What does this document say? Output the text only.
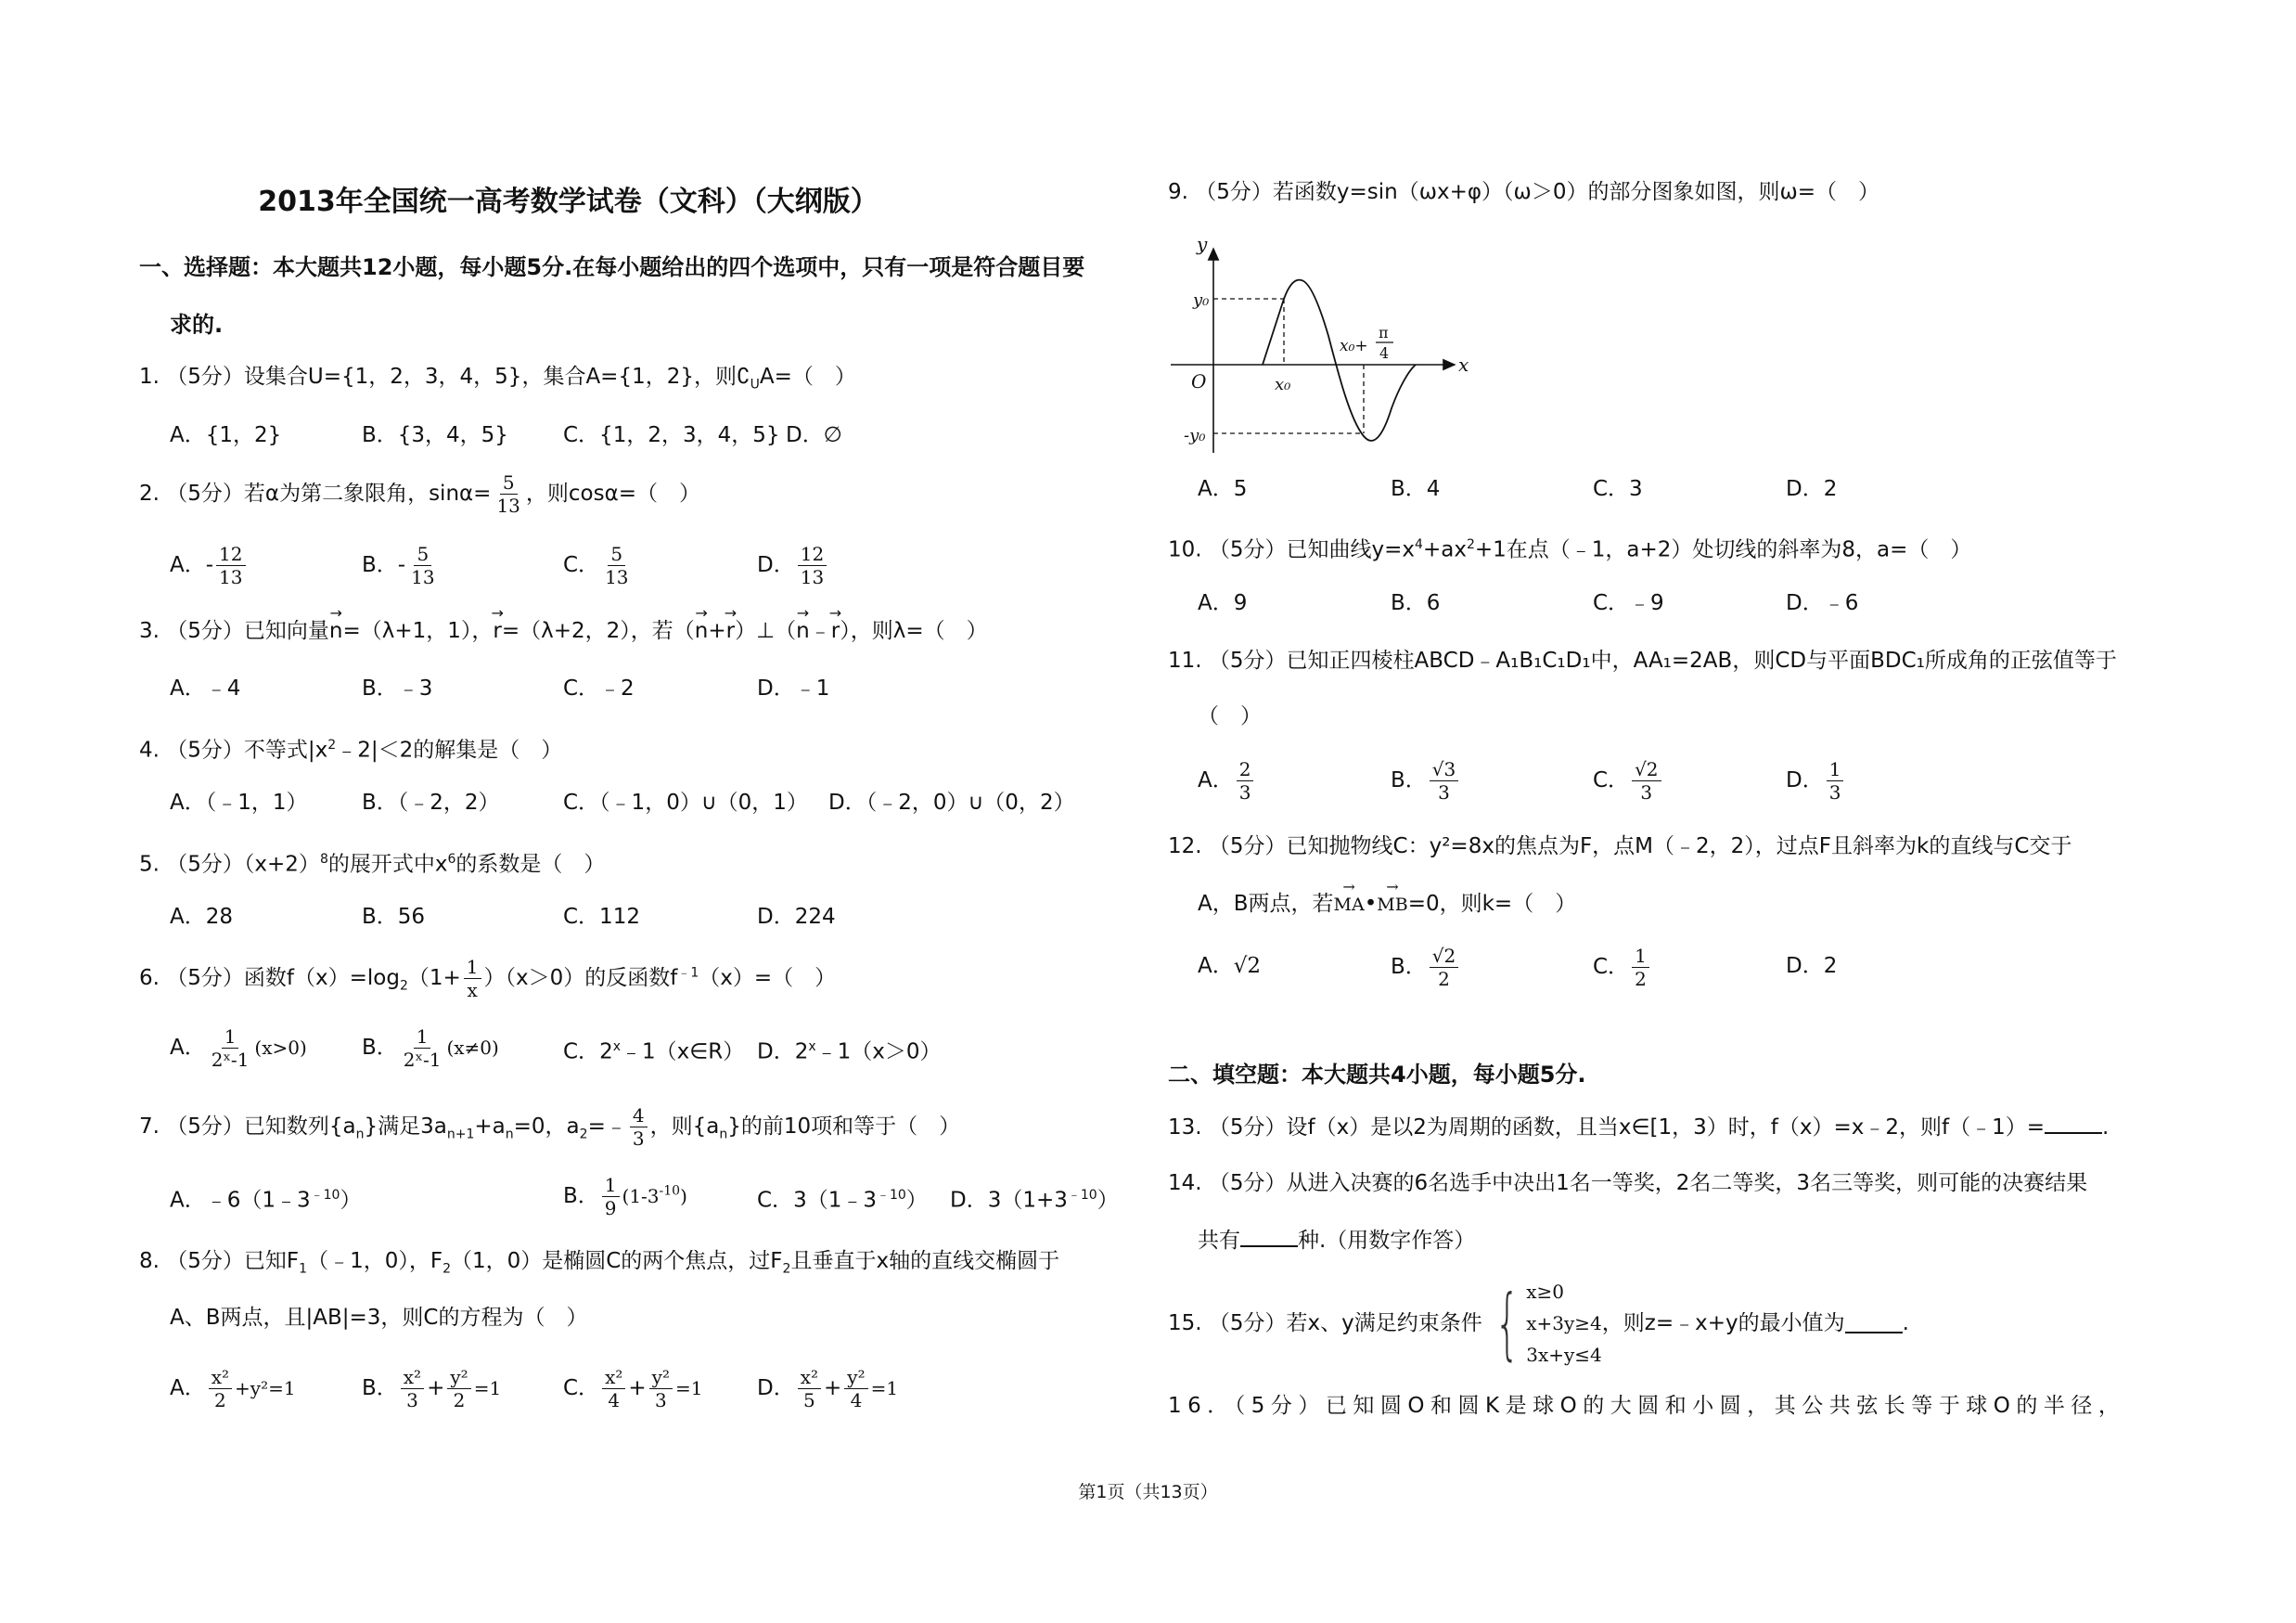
2013年全国统一高考数学试卷（文科）（大纲版）
一、选择题：本大题共12小题，每小题5分.在每小题给出的四个选项中，只有一项是符合题目要
求的.
1. （5分）设集合U={1，2，3，4，5}，集合A={1，2}，则$∁_UA=$（　）
A．{1，2}	B．{3，4，5}	C．{1，2，3，4，5} D．∅
2. （5分）若α为第二象限角，$\sin\alpha= \frac{5}{13}$ ，则cosα=（　）
A．- $\frac{12}{13}$	B．- $\frac{5}{13}$	C． $\frac{5}{13}$	D． $\frac{12}{13}$
3. （5分）已知向量→ n=（λ+1，1），→ r=（λ+2，2），若（→ n+→ r）⊥（→ n﹣→ r），则λ=（　）
A．﹣4	B．﹣3	C．﹣2	D．﹣1
4. （5分）不等式$|x^2﹣2|<2$的解集是（　）
A．（﹣1，1）	B．（﹣2，2）	C．（﹣1，0）∪（0，1） D．（﹣2，0）∪（0，2）
5. （5分）$(x+2)^8$的展开式中$x^6$的系数是（　）
A．28	B．56	C．112	D．224
6. （5分）函数$f(x)=\log_2(1+ \frac{1}{x} )(x>0)$的反函数$f^{﹣1}(x)=$（　）
A． $\frac{1}{\text{2ˣ-1}} (x>0)$	B． $\frac{1}{\text{2ˣ-1}} (x\ne 0)$	C．2$^x$﹣1（x∈R） D．$2^x﹣1(x>0)$
7. （5分）已知数列$\{a_n\}$满足$3a_{n+1}+a_n=0$，$a_2=﹣ \frac{4}{3}$ ，则$\{a_n\}$的前10项和等于（　）
A．$﹣6(1﹣3^{﹣10})$	B． $\frac{1}{9} (1-3^{-10})$	C．$3(1﹣3^{﹣10})$ D．$3(1+3^{﹣10})$
8. （5分）已知$F_1(﹣1$，0），$F_2(1$，0）是椭圆C的两个焦点，过$F_2$且垂直于x轴的直线交椭圆于
A、B两点，且|AB|=3，则C的方程为（　）
A． $\frac{\text{x²}}{2} +y^2=1$	B． $\frac{\text{x²}}{3} + \frac{\text{y²}}{2} =1$	C． $\frac{\text{x²}}{4} + \frac{\text{y²}}{3} =1$	D． $\frac{\text{x²}}{5} + \frac{\text{y²}}{4} =1$
9. （5分）若函数y=sin（ωx+φ）（ω＞0）的部分图象如图，则ω=（　）
y
x
O
y₀
-y₀
x₀
x₀+
π
4
A．5	B．4	C．3	D．2
10. （5分）已知曲线$y=x^4+ax^2+1$在点（﹣1，a+2）处切线的斜率为8，a=（　）
A．9	B．6	C．﹣9	D．﹣6
11. （5分）已知正四棱柱ABCD﹣A₁B₁C₁D₁中，AA₁=2AB，则CD与平面BDC₁所成角的正弦值等于
（　）
A． $\frac{2}{3}$	B． $\frac{√3}{3}$	C． $\frac{√2}{3}$	D． $\frac{1}{3}$
12. （5分）已知抛物线C：y²=8x的焦点为F，点M（﹣2，2），过点F且斜率为k的直线与C交于
A，B两点，若→ MA•→ MB=0，则k=（　）
A．√2	B． $\frac{√2}{2}$	C． $\frac{1}{2}$	D．2
二、填空题：本大题共4小题，每小题5分.
13. （5分）设f（x）是以2为周期的函数，且当x∈[1，3）时，f（x）=x﹣2，则f（﹣1）=	.
14. （5分）从进入决赛的6名选手中决出1名一等奖，2名二等奖，3名三等奖，则可能的决赛结果
共有	种.（用数字作答）
15.
（5分） 若x、y满足约束条件 { x≥0
x+3y≥4
3x+y≤4
，则z=﹣x+y的最小值为	.
16．（5分）已知圆O和圆K是球O的大圆和小圆，其公共弦长等于球O的半径，
第1页（共13页）
